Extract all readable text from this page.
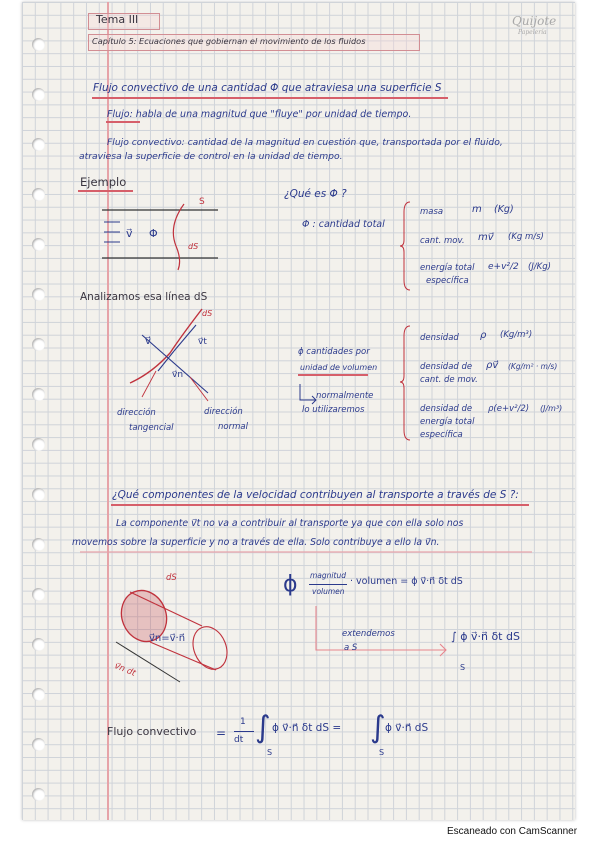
Tema III
Capítulo 5: Ecuaciones que gobiernan el movimiento de los fluidos
Quijote
Papelería
Flujo convectivo de una cantidad Φ que atraviesa una superficie S
Flujo: habla de una magnitud que "fluye" por unidad de tiempo.
Flujo convectivo: cantidad de la magnitud en cuestión que, transportada por el fluido,
atraviesa la superficie de control en la unidad de tiempo.
Ejemplo
S
v⃗ Φ
dS
¿Qué es Φ ?
Φ : cantidad total
masa	m (Kg)
cant. mov. mv⃗ (Kg m/s)
energía total
específica
e+v²/2 (J/Kg)
Analizamos esa línea dS
dS
v⃗	v⃗t
v⃗n
dirección
tangencial
dirección
normal
ϕ cantidades por
unidad de volumen
normalmente
lo utilizaremos
densidad ρ (Kg/m³)
densidad de
cant. de mov.
ρv⃗ (Kg/m² · m/s)
densidad de
energía total
específica
ρ(e+v²/2) (J/m³)
¿Qué componentes de la velocidad contribuyen al transporte a través de S ?:
La componente v⃗t no va a contribuir al transporte ya que con ella solo nos
movemos sobre la superficie y no a través de ella. Solo contribuye a ello la v⃗n.
dS
v⃗n=v⃗·n⃗
v⃗n dt
ϕ magnitud
volumen
· volumen = ϕ v⃗·n⃗ δt dS
extendemos
a S
∫ ϕ v⃗·n⃗ δt dS
S
Flujo convectivo =
1
dt ∫
S
ϕ v⃗·n⃗ δt dS = ∫
S
ϕ v⃗·n⃗ dS
Escaneado con CamScanner
